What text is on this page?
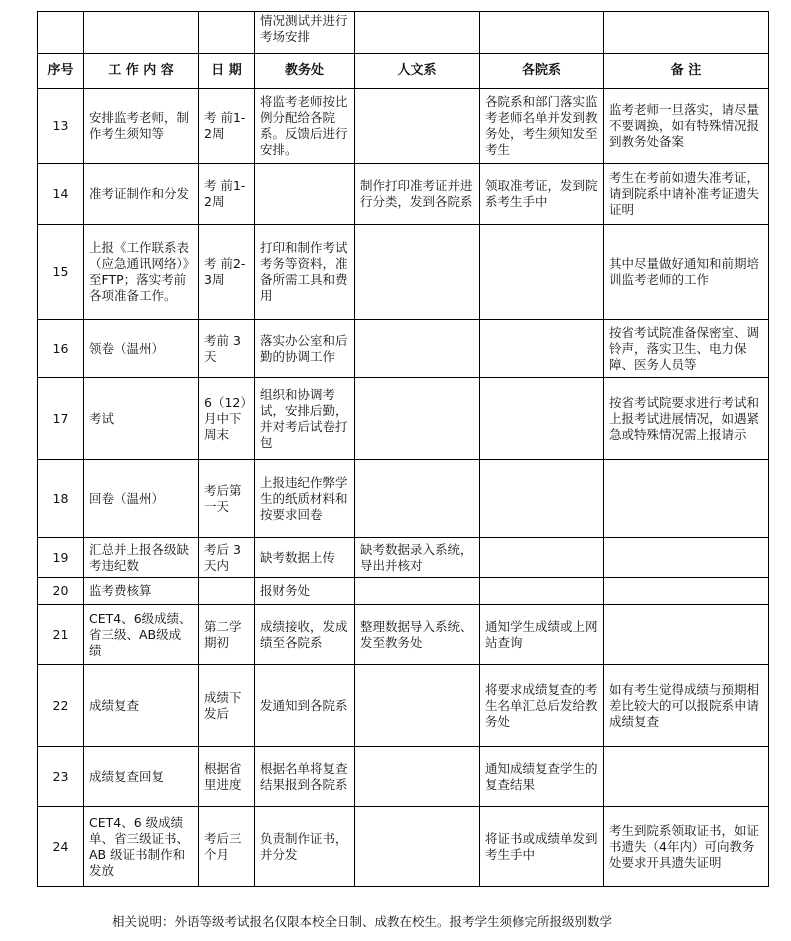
			情况测试并进行考场安排			
序号	工 作 内 容	日 期	教务处	人文系	各院系	备 注
13	安排监考老师，制作考生须知等	考 前1-2周	将监考老师按比例分配给各院系。反馈后进行安排。		各院系和部门落实监考老师名单并发到教务处，考生须知发至考生	监考老师一旦落实，请尽量不要调换，如有特殊情况报到教务处备案
14	准考证制作和分发	考 前1-2周		制作打印准考证并进行分类，发到各院系	领取准考证，发到院系考生手中	考生在考前如遗失准考证，请到院系中请补准考证遗失证明
15	上报《工作联系表（应急通讯网络）》至FTP；落实考前各项准备工作。	考 前2-3周	打印和制作考试考务等资料，准备所需工具和费用			其中尽量做好通知和前期培训监考老师的工作
16	领卷（温州）	考前 3天	落实办公室和后勤的协调工作			按省考试院准备保密室、调铃声，落实卫生、电力保障、医务人员等
17	考试	6（12）月中下周末	组织和协调考试，安排后勤，并对考后试卷打包			按省考试院要求进行考试和上报考试进展情况，如遇紧急或特殊情况需上报请示
18	回卷（温州）	考后第一天	上报违纪作弊学生的纸质材料和按要求回卷			
19	汇总并上报各级缺考违纪数	考后 3天内	缺考数据上传	缺考数据录入系统，导出并核对		
20	监考费核算		报财务处			
21	CET4、6级成绩、省三级、AB级成绩	第二学期初	成绩接收，发成绩至各院系	整理数据导入系统、发至教务处	通知学生成绩或上网站查询	
22	成绩复查	成绩下发后	发通知到各院系		将要求成绩复查的考生名单汇总后发给教务处	如有考生觉得成绩与预期相差比较大的可以报院系申请成绩复查
23	成绩复查回复	根据省里进度	根据名单将复查结果报到各院系		通知成绩复查学生的复查结果	
24	CET4、6 级成绩单、省三级证书、AB 级证书制作和发放	考后三个月	负责制作证书，并分发		将证书或成绩单发到考生手中	考生到院系领取证书，如证书遗失（4年内）可向教务处要求开具遗失证明
相关说明：外语等级考试报名仅限本校全日制、成教在校生。报考学生须修完所报级别数学
